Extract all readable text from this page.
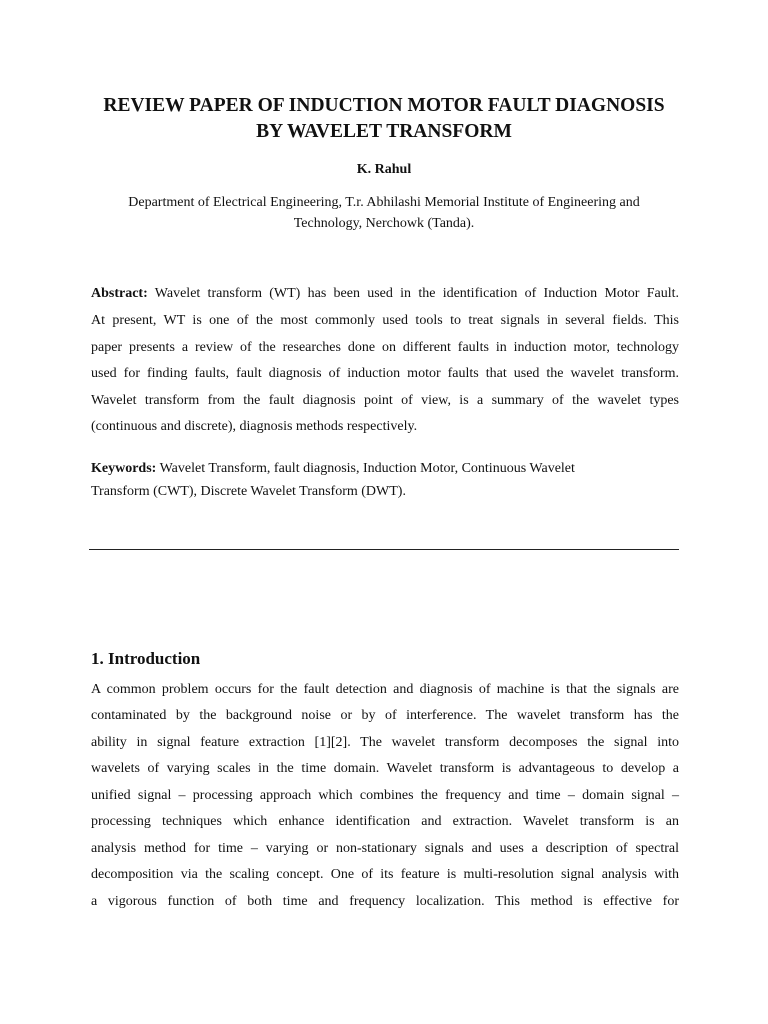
REVIEW PAPER OF INDUCTION MOTOR FAULT DIAGNOSIS
BY WAVELET TRANSFORM

K. Rahul

Department of Electrical Engineering, T.r. Abhilashi Memorial Institute of Engineering and

Technology, Nerchowk (Tanda).

Abstract: Wavelet transform (WT) has been used in the identification of Induction Motor Fault.
At present, WT is one of the most commonly used tools to treat signals in several fields. This
paper presents a review of the researches done on different faults in induction motor, technology
used for finding faults, fault diagnosis of induction motor faults that used the wavelet transform.
Wavelet transform from the fault diagnosis point of view, is a summary of the wavelet types
(continuous and discrete), diagnosis methods respectively.
Keywords: Wavelet Transform, fault diagnosis, Induction Motor, Continuous Wavelet
Transform (CWT), Discrete Wavelet Transform (DWT).
1. Introduction
A common problem occurs for the fault detection and diagnosis of machine is that the signals are
contaminated by the background noise or by of interference. The wavelet transform has the
ability in signal feature extraction [1][2]. The wavelet transform decomposes the signal into
wavelets of varying scales in the time domain. Wavelet transform is advantageous to develop a
unified signal – processing approach which combines the frequency and time – domain signal –
processing techniques which enhance identification and extraction. Wavelet transform is an
analysis method for time – varying or non-stationary signals and uses a description of spectral
decomposition via the scaling concept. One of its feature is multi-resolution signal analysis with
a vigorous function of both time and frequency localization. This method is effective for
